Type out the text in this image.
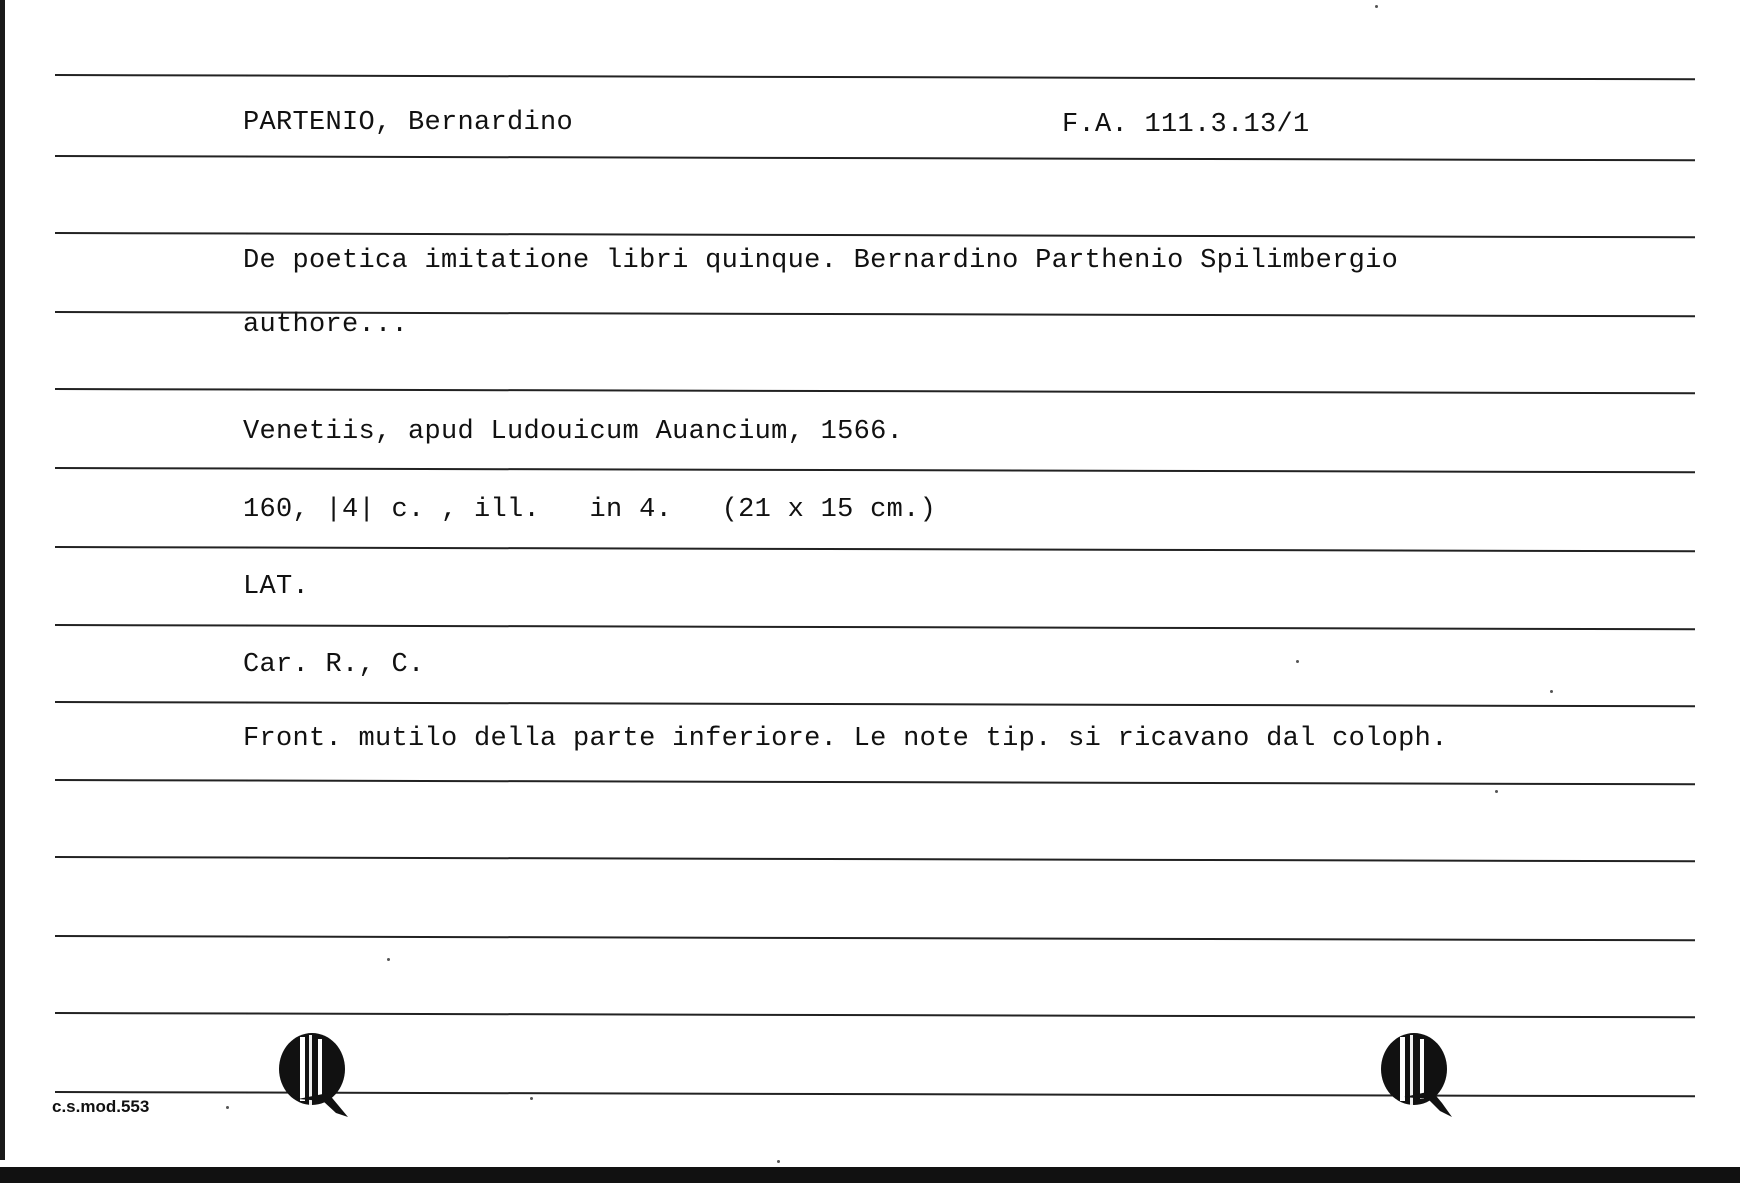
PARTENIO, Bernardino	F.A. 111.3.13/1
De poetica imitatione libri quinque. Bernardino Parthenio Spilimbergio
authore...
Venetiis, apud Ludouicum Auancium, 1566.
160, |4| c. , ill.   in 4.   (21 x 15 cm.)
LAT.
Car. R., C.
Front. mutilo della parte inferiore. Le note tip. si ricavano dal coloph.
c.s.mod.553
